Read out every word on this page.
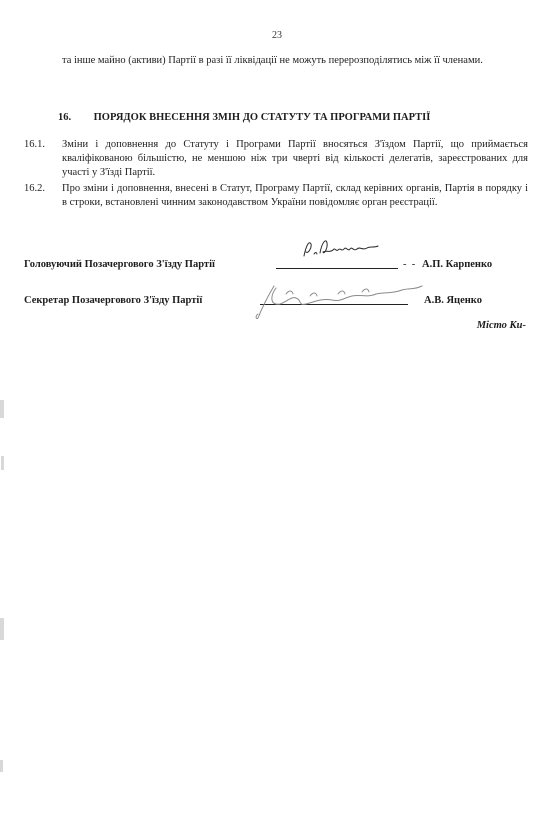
23
та інше майно (активи) Партії в разі її ліквідації не можуть перерозподілятись між її членами.
16. ПОРЯДОК ВНЕСЕННЯ ЗМІН ДО СТАТУТУ ТА ПРОГРАМИ ПАРТІЇ
16.1.	Зміни і доповнення до Статуту і Програми Партії вносяться З'їздом Партії, що приймається кваліфікованою більшістю, не меншою ніж три чверті від кількості делегатів, зареєстрованих для участі у З'їзді Партії.
16.2.	Про зміни і доповнення, внесені в Статут, Програму Партії, склад керівних органів, Партія в порядку і в строки, встановлені чинним законодавством України повідомляє орган реєстрації.
Головуючий Позачергового З'їзду Партії	-  - А.П. Карпенко
Секретар Позачергового З'їзду Партії	А.В. Яценко
Місто Ки-
